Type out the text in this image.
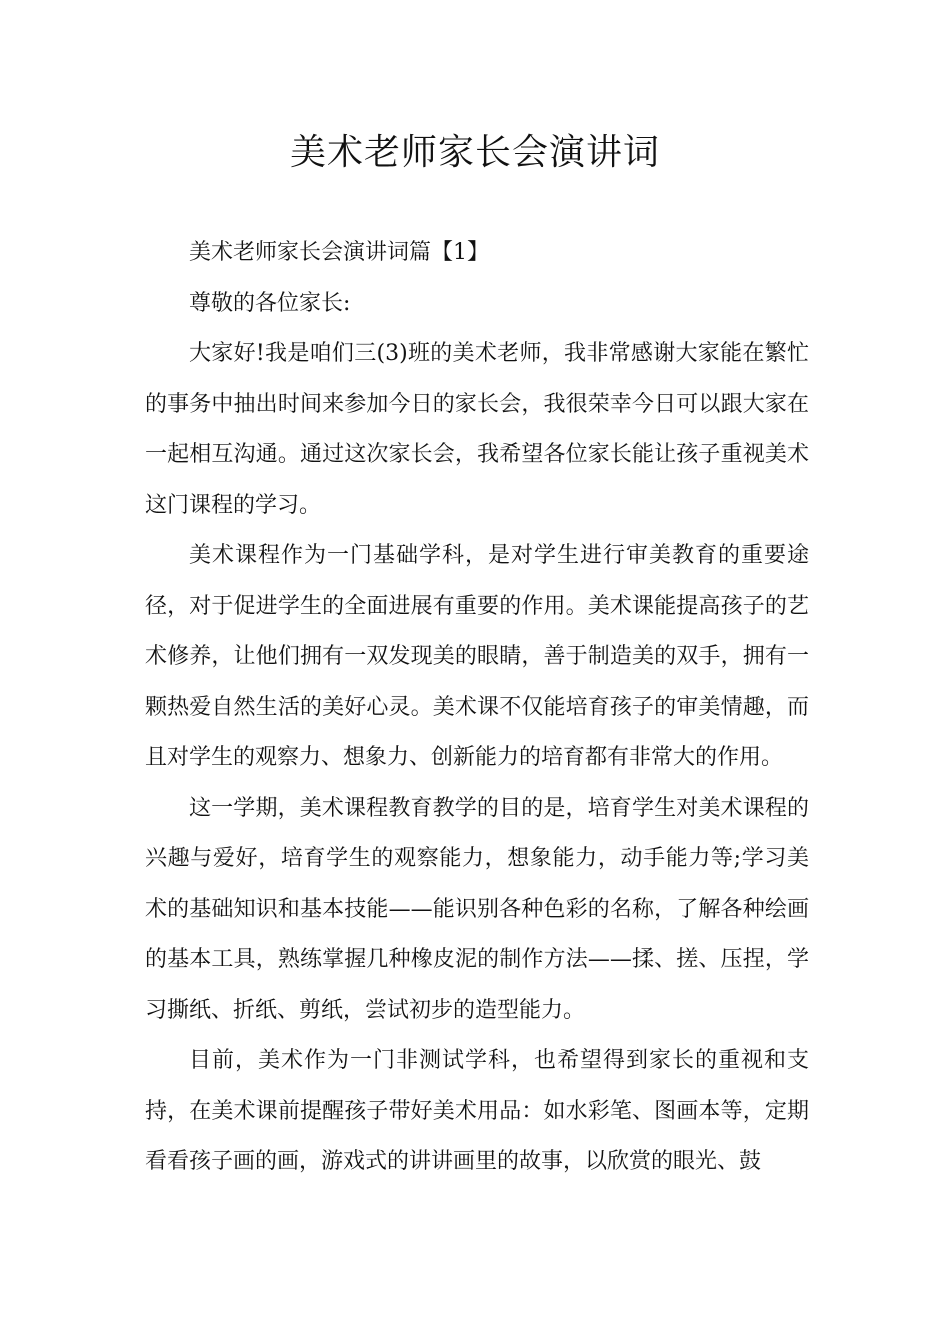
美术老师家长会演讲词

美术老师家长会演讲词篇【1】

尊敬的各位家长:

大家好!我是咱们三(3)班的美术老师，我非常感谢大家能在繁忙的事务中抽出时间来参加今日的家长会，我很荣幸今日可以跟大家在一起相互沟通。通过这次家长会，我希望各位家长能让孩子重视美术这门课程的学习。

美术课程作为一门基础学科，是对学生进行审美教育的重要途径，对于促进学生的全面进展有重要的作用。美术课能提高孩子的艺术修养，让他们拥有一双发现美的眼睛，善于制造美的双手，拥有一颗热爱自然生活的美好心灵。美术课不仅能培育孩子的审美情趣，而且对学生的观察力、想象力、创新能力的培育都有非常大的作用。

这一学期，美术课程教育教学的目的是，培育学生对美术课程的兴趣与爱好，培育学生的观察能力，想象能力，动手能力等;学习美术的基础知识和基本技能——能识别各种色彩的名称，了解各种绘画的基本工具，熟练掌握几种橡皮泥的制作方法——揉、搓、压捏，学习撕纸、折纸、剪纸，尝试初步的造型能力。

目前，美术作为一门非测试学科，也希望得到家长的重视和支持，在美术课前提醒孩子带好美术用品：如水彩笔、图画本等，定期看看孩子画的画，游戏式的讲讲画里的故事，以欣赏的眼光、鼓
